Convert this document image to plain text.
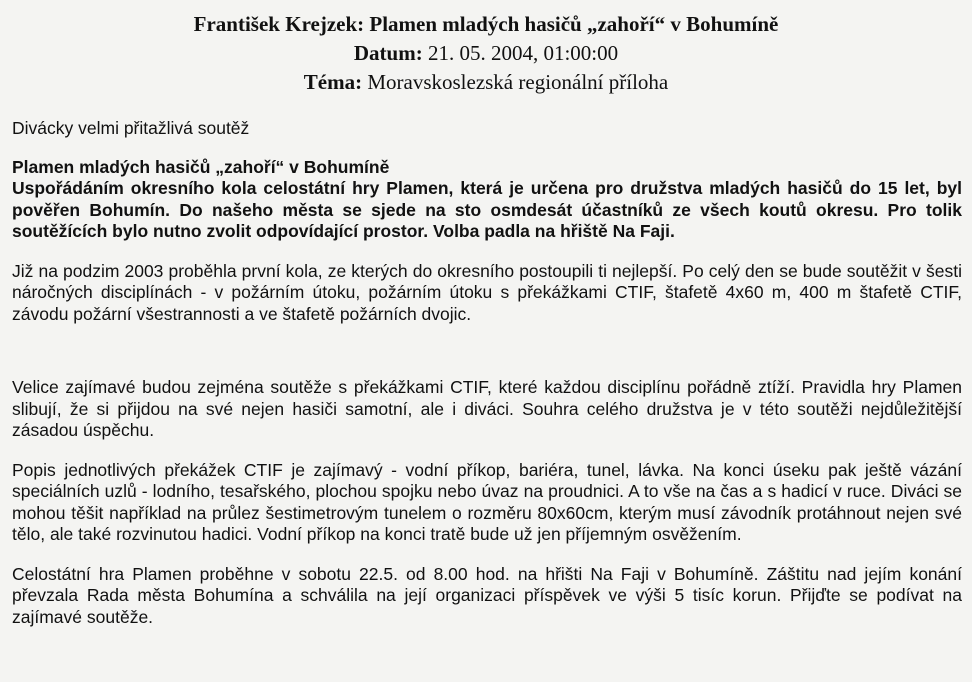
František Krejzek: Plamen mladých hasičů „zahoří“ v Bohumíně
Datum: 21. 05. 2004, 01:00:00
Téma: Moravskoslezská regionální příloha

Divácky velmi přitažlivá soutěž

Plamen mladých hasičů „zahoří“ v Bohumíně

Uspořádáním okresního kola celostátní hry Plamen, která je určena pro družstva mladých hasičů do 15 let, byl pověřen Bohumín. Do našeho města se sjede na sto osmdesát účastníků ze všech koutů okresu. Pro tolik soutěžících bylo nutno zvolit odpovídající prostor. Volba padla na hřiště Na Faji.

Již na podzim 2003 proběhla první kola, ze kterých do okresního postoupili ti nejlepší. Po celý den se bude soutěžit v šesti náročných disciplínách - v požárním útoku, požárním útoku s překážkami CTIF, štafetě 4x60 m, 400 m štafetě CTIF, závodu požární všestrannosti a ve štafetě požárních dvojic.

Velice zajímavé budou zejména soutěže s překážkami CTIF, které každou disciplínu pořádně ztíží. Pravidla hry Plamen slibují, že si přijdou na své nejen hasiči samotní, ale i diváci. Souhra celého družstva je v této soutěži nejdůležitější zásadou úspěchu.

Popis jednotlivých překážek CTIF je zajímavý - vodní příkop, bariéra, tunel, lávka. Na konci úseku pak ještě vázání speciálních uzlů - lodního, tesařského, plochou spojku nebo úvaz na proudnici. A to vše na čas a s hadicí v ruce. Diváci se mohou těšit například na průlez šestimetrovým tunelem o rozměru 80x60cm, kterým musí závodník protáhnout nejen své tělo, ale také rozvinutou hadici. Vodní příkop na konci tratě bude už jen příjemným osvěžením.

Celostátní hra Plamen proběhne v sobotu 22.5. od 8.00 hod. na hřišti Na Faji v Bohumíně. Záštitu nad jejím konání převzala Rada města Bohumína a schválila na její organizaci příspěvek ve výši 5 tisíc korun. Přijďte se podívat na zajímavé soutěže.
